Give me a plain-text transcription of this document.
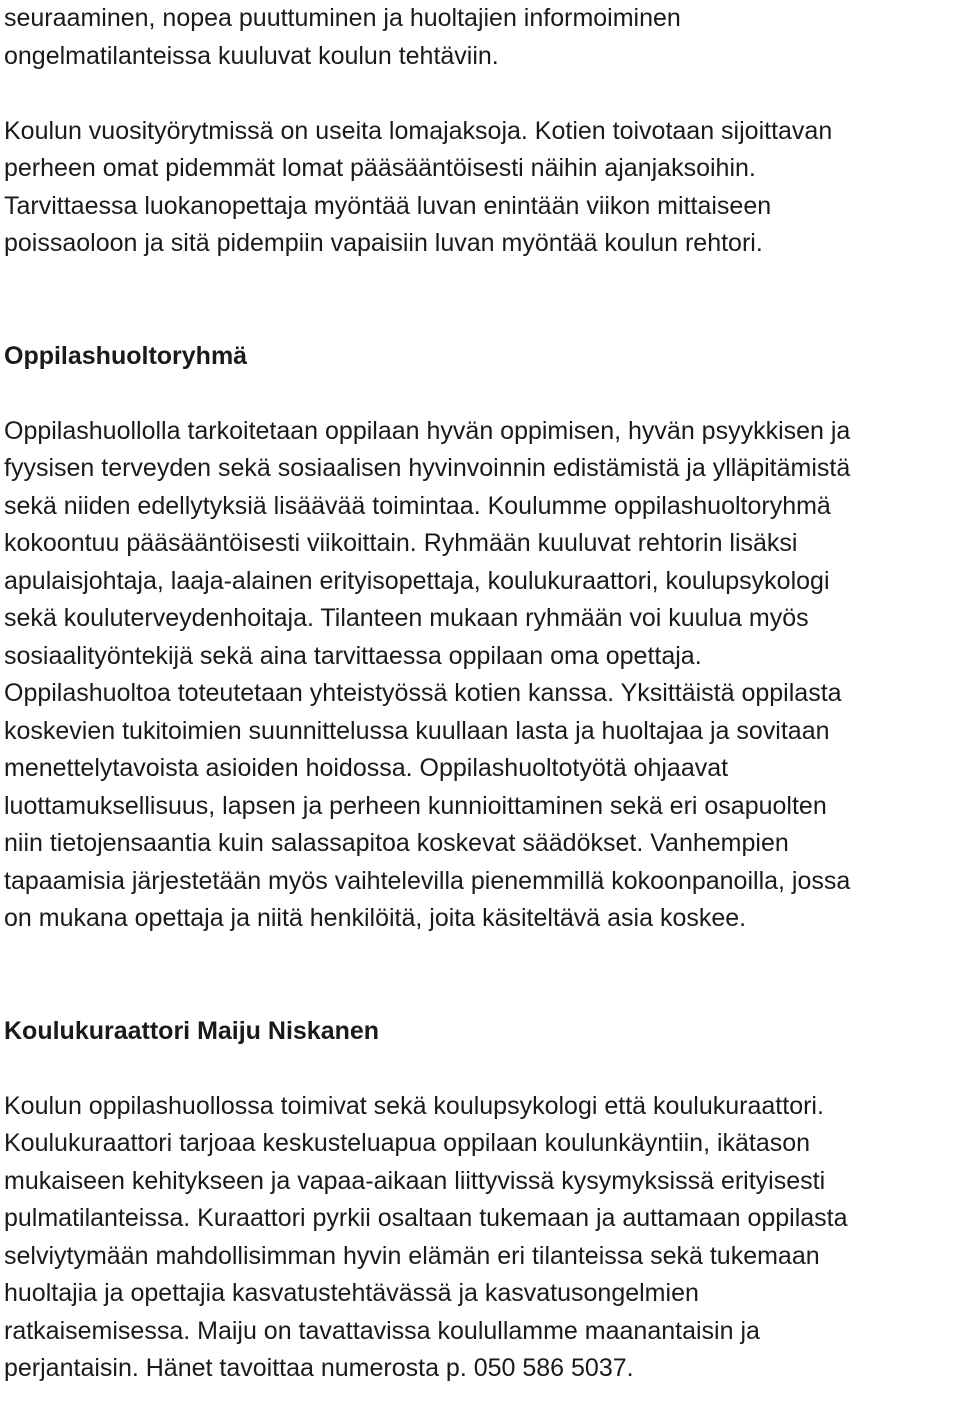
seuraaminen, nopea puuttuminen ja huoltajien informoiminen

ongelmatilanteissa kuuluvat koulun tehtäviin.

Koulun vuosityörytmissä on useita lomajaksoja. Kotien toivotaan sijoittavan

perheen omat pidemmät lomat pääsääntöisesti näihin ajanjaksoihin.

Tarvittaessa luokanopettaja myöntää luvan enintään viikon mittaiseen

poissaoloon ja sitä pidempiin vapaisiin luvan myöntää koulun rehtori.

Oppilashuoltoryhmä

Oppilashuollolla tarkoitetaan oppilaan hyvän oppimisen, hyvän psyykkisen ja

fyysisen terveyden sekä sosiaalisen hyvinvoinnin edistämistä ja ylläpitämistä

sekä niiden edellytyksiä lisäävää toimintaa. Koulumme oppilashuoltoryhmä

kokoontuu pääsääntöisesti viikoittain. Ryhmään kuuluvat rehtorin lisäksi

apulaisjohtaja, laaja-alainen erityisopettaja, koulukuraattori, koulupsykologi

sekä kouluterveydenhoitaja. Tilanteen mukaan ryhmään voi kuulua myös

sosiaalityöntekijä sekä aina tarvittaessa oppilaan oma opettaja.

Oppilashuoltoa toteutetaan yhteistyössä kotien kanssa. Yksittäistä oppilasta

koskevien tukitoimien suunnittelussa kuullaan lasta ja huoltajaa ja sovitaan

menettelytavoista asioiden hoidossa. Oppilashuoltotyötä ohjaavat

luottamuksellisuus, lapsen ja perheen kunnioittaminen sekä eri osapuolten

niin tietojensaantia kuin salassapitoa koskevat säädökset. Vanhempien

tapaamisia järjestetään myös vaihtelevilla pienemmillä kokoonpanoilla, jossa

on mukana opettaja ja niitä henkilöitä, joita käsiteltävä asia koskee.

Koulukuraattori Maiju Niskanen

Koulun oppilashuollossa toimivat sekä koulupsykologi että koulukuraattori.

Koulukuraattori tarjoaa keskusteluapua oppilaan koulunkäyntiin, ikätason

mukaiseen kehitykseen ja vapaa-aikaan liittyvissä kysymyksissä erityisesti

pulmatilanteissa. Kuraattori pyrkii osaltaan tukemaan ja auttamaan oppilasta

selviytymään mahdollisimman hyvin elämän eri tilanteissa sekä tukemaan

huoltajia ja opettajia kasvatustehtävässä ja kasvatusongelmien

ratkaisemisessa. Maiju on tavattavissa koulullamme maanantaisin ja

perjantaisin. Hänet tavoittaa numerosta p. 050 586 5037.
